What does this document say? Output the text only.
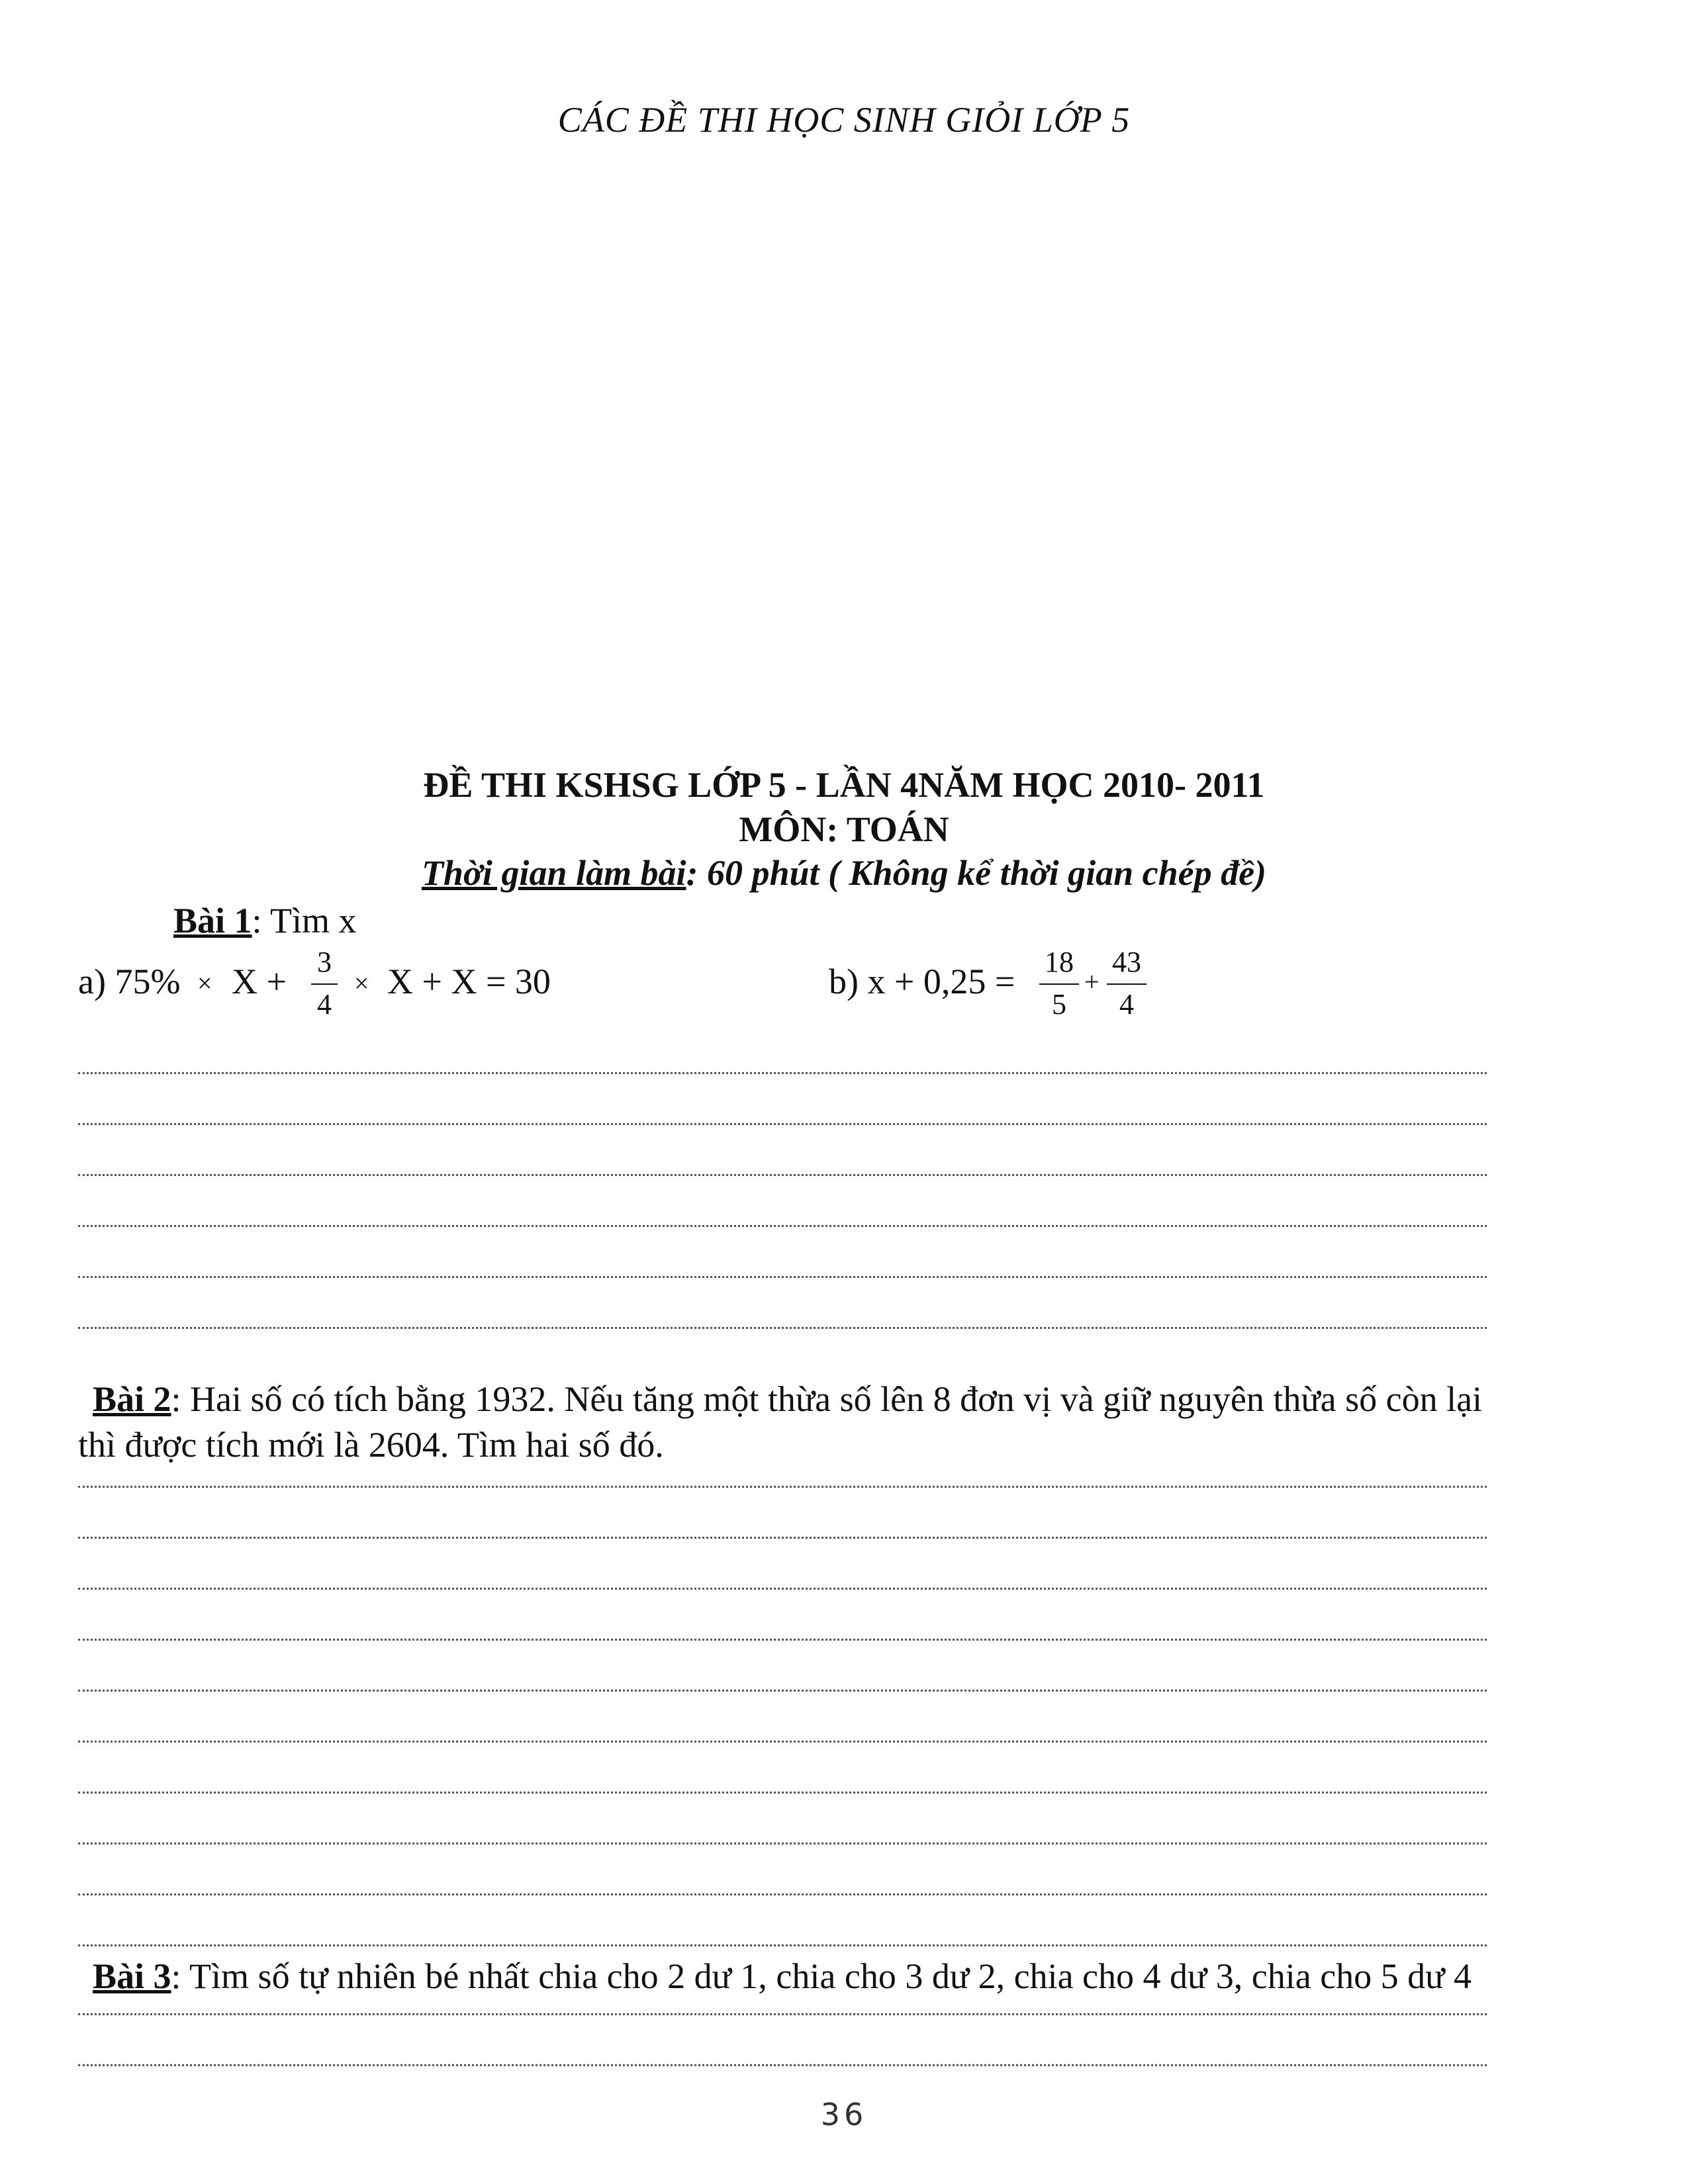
CÁC ĐỀ THI HỌC SINH GIỎI LỚP 5
ĐỀ THI KSHSG LỚP 5 - LẦN 4NĂM HỌC 2010- 2011
MÔN: TOÁN
Thời gian làm bài: 60 phút ( Không kể thời gian chép đề)
Bài 1: Tìm x
a) 75% × X + 3
4
× X + X = 30	b) x + 0,25 = 18
5
+
43
4
Bài 2: Hai số có tích bằng 1932. Nếu tăng một thừa số lên 8 đơn vị và giữ nguyên thừa số còn lại
thì được tích mới là 2604. Tìm hai số đó.
Bài 3: Tìm số tự nhiên bé nhất chia cho 2 dư 1, chia cho 3 dư 2, chia cho 4 dư 3, chia cho 5 dư 4
36
